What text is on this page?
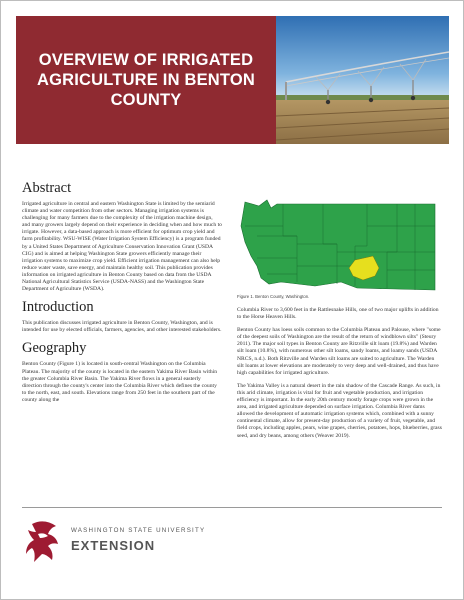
OVERVIEW OF IRRIGATED AGRICULTURE IN BENTON COUNTY
Abstract

Irrigated agriculture in central and eastern Washington State is limited by the semiarid climate and water competition from other sectors. Managing irrigation systems is challenging for many farmers due to the complexity of the irrigation machine design, and many growers largely depend on their experience in deciding when and how much to irrigate. However, a data-based approach is more efficient for optimum crop yield and farm profitability. WSU-WISE (Water Irrigation System Efficiency) is a program funded by a United States Department of Agriculture Conservation Innovation Grant (USDA CIG) and is aimed at helping Washington State growers efficiently manage their irrigation systems to maximize crop yield. Efficient irrigation management can also help reduce water waste, save energy, and maintain healthy soil. This publication provides information on irrigated agriculture in Benton County based on data from the USDA National Agricultural Statistics Service (USDA-NASS) and the Washington State Department of Agriculture (WSDA).

Introduction

This publication discusses irrigated agriculture in Benton County, Washington, and is intended for use by elected officials, farmers, agencies, and other interested stakeholders.

Geography

Benton County (Figure 1) is located in south-central Washington on the Columbia Plateau. The majority of the county is located in the eastern Yakima River Basin within the greater Columbia River Basin. The Yakima River flows in a general easterly direction through the county's center into the Columbia River which defines the county to the north, east, and south. Elevations range from 250 feet in the southern part of the county along the

Figure 1. Benton County, Washington.

Columbia River to 3,600 feet in the Rattlesnake Hills, one of two major uplifts in addition to the Horse Heaven Hills.

Benton County has loess soils common to the Columbia Plateau and Palouse, where "some of the deepest soils of Washington are the result of the return of windblown silts" (Steury 2011). The major soil types in Benton County are Ritzville silt loam (19.8%) and Warden silt loam (10.8%), with numerous other silt loams, sandy loams, and loamy sands (USDA NRCS, n.d.). Both Ritzville and Warden silt loams are suited to agriculture. The Warden silt loams at lower elevations are moderately to very deep and well-drained, and thus have high capabilities for irrigated agriculture.

The Yakima Valley is a natural desert in the rain shadow of the Cascade Range. As such, in this arid climate, irrigation is vital for fruit and vegetable production, and irrigation efficiency is important. In the early 20th century mostly forage crops were grown in the area, and irrigated agriculture depended on surface irrigation. Columbia River dams allowed the development of automatic irrigation systems which, combined with a sunny continental climate, allow for present-day production of a variety of fruit, vegetable, and field crops, including apples, pears, wine grapes, cherries, potatoes, hops, blueberries, grass seed, and dry beans, among others (Weaver 2019).

WASHINGTON STATE UNIVERSITY
EXTENSION
